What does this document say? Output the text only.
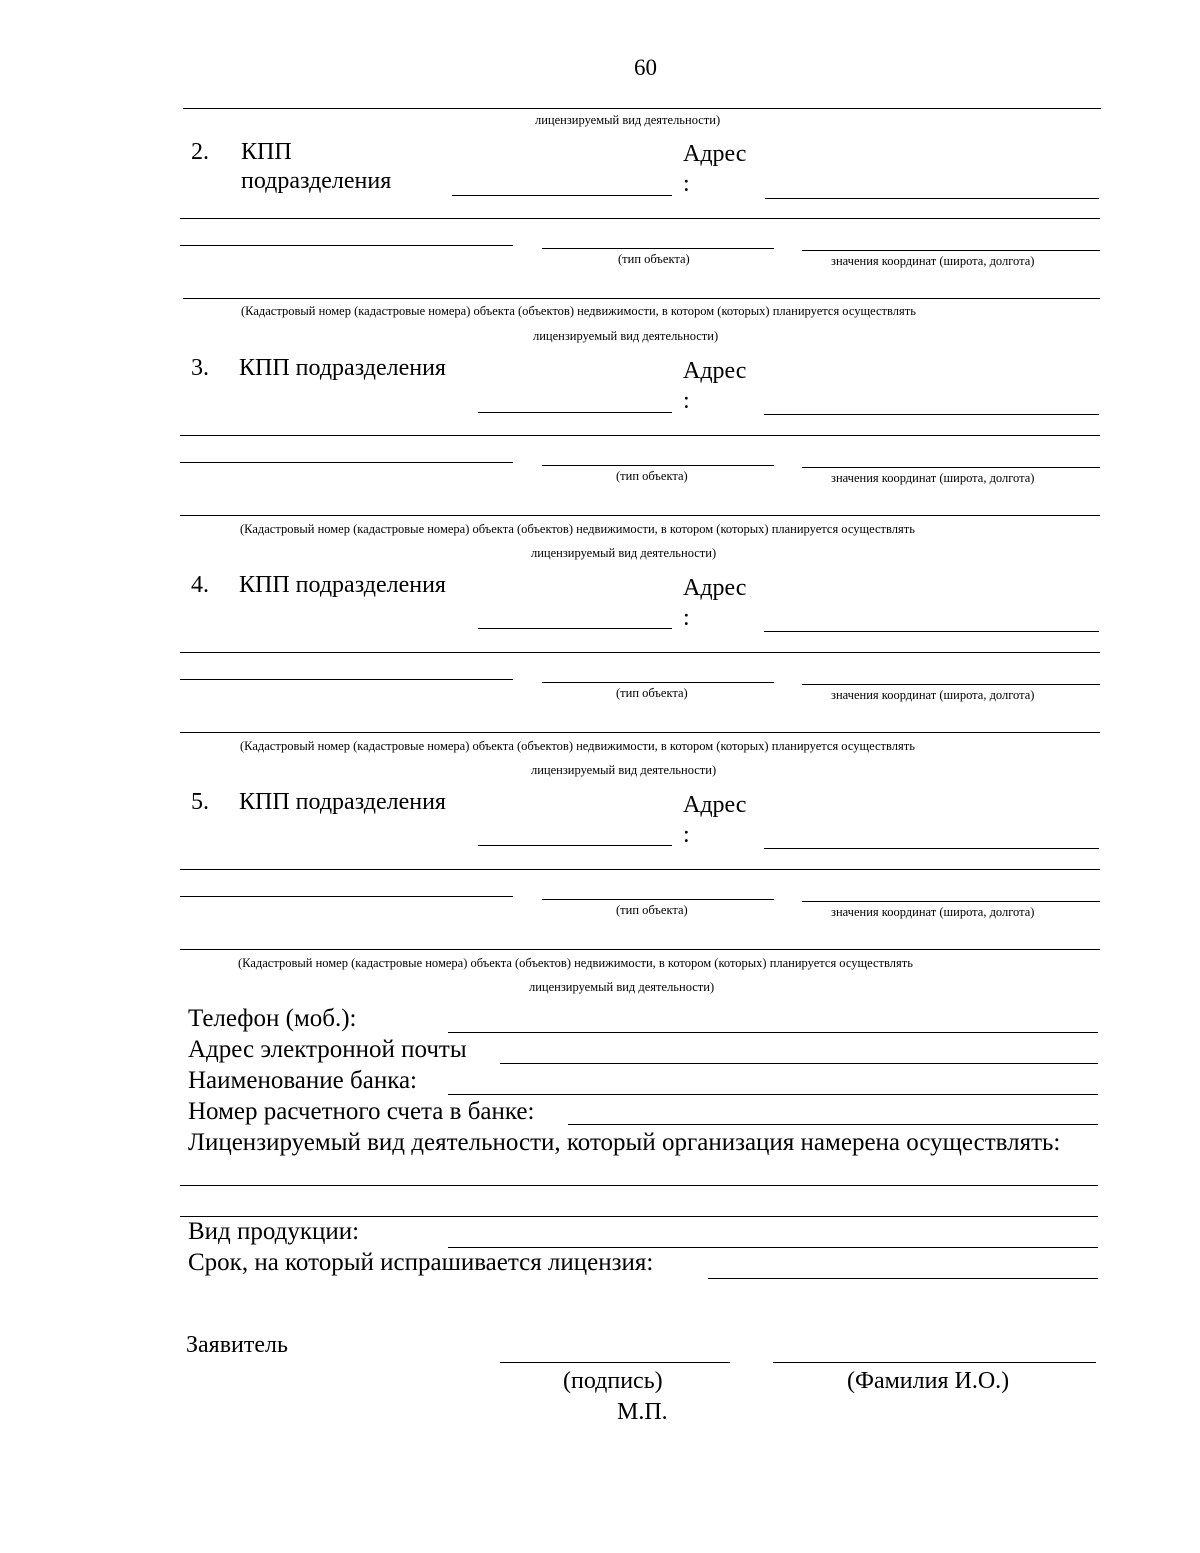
60
лицензируемый вид деятельности)
2. КПП
подразделения
Адрес
:
(тип объекта)	значения координат (широта, долгота)
(Кадастровый номер (кадастровые номера) объекта (объектов) недвижимости, в котором (которых) планируется осуществлять
лицензируемый вид деятельности)
3. КПП подразделения	Адрес
:
(тип объекта)	значения координат (широта, долгота)
(Кадастровый номер (кадастровые номера) объекта (объектов) недвижимости, в котором (которых) планируется осуществлять
лицензируемый вид деятельности)
4. КПП подразделения	Адрес
:
(тип объекта)	значения координат (широта, долгота)
(Кадастровый номер (кадастровые номера) объекта (объектов) недвижимости, в котором (которых) планируется осуществлять
лицензируемый вид деятельности)
5. КПП подразделения	Адрес
:
(тип объекта)	значения координат (широта, долгота)
(Кадастровый номер (кадастровые номера) объекта (объектов) недвижимости, в котором (которых) планируется осуществлять
лицензируемый вид деятельности)
Телефон (моб.):
Адрес электронной почты
Наименование банка:
Номер расчетного счета в банке:
Лицензируемый вид деятельности, который организация намерена осуществлять:
Вид продукции:
Срок, на который испрашивается лицензия:
Заявитель
(подпись)	(Фамилия И.О.)
М.П.
